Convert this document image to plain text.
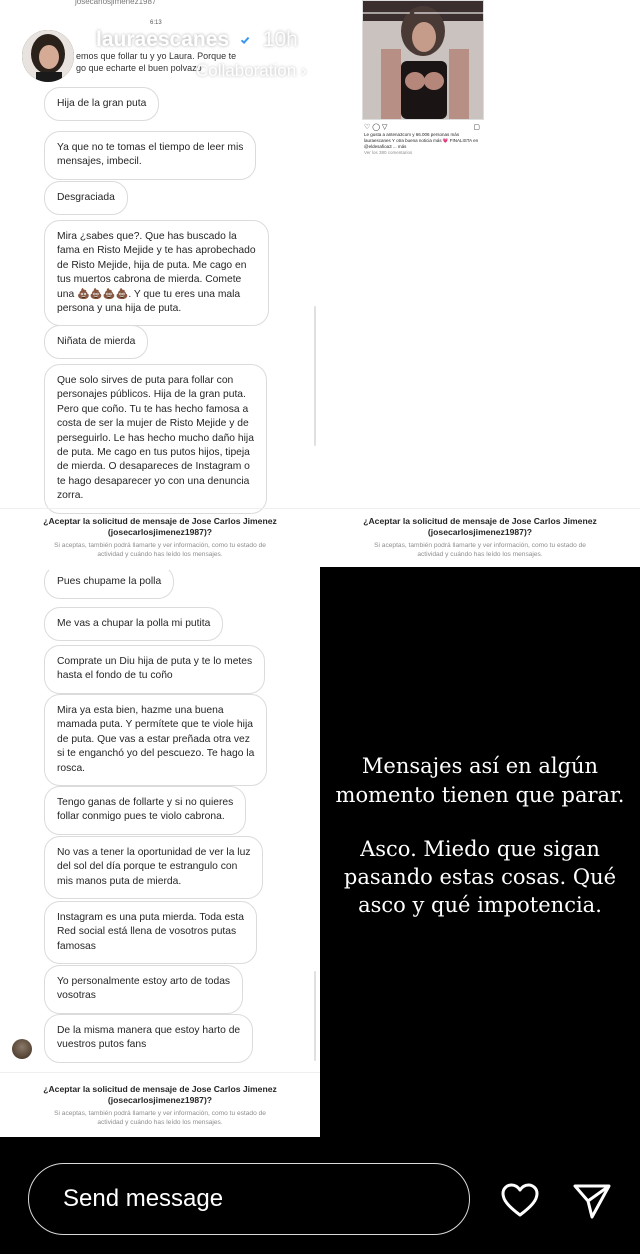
6:13
josecarlosjimenez1987
emos que follar tu y yo Laura. Porque te
go que echarte el buen polvazo
Hija de la gran puta
Ya que no te tomas el tiempo de leer mis
mensajes, imbecil.
Desgraciada
Mira ¿sabes que?. Que has buscado la
fama en Risto Mejide y te has aprobechado
de Risto Mejide, hija de puta. Me cago en
tus muertos cabrona de mierda. Comete
una 💩💩💩💩. Y que tu eres una mala
persona y una hija de puta.
Niñata de mierda
Que solo sirves de puta para follar con
personajes públicos. Hija de la gran puta.
Pero que coño. Tu te has hecho famosa a
costa de ser la mujer de Risto Mejide y de
perseguirlo. Le has hecho mucho daño hija
de puta. Me cago en tus putos hijos, tipeja
de mierda. O desapareces de Instagram o
te hago desaparecer yo con una denuncia
zorra.
¿Aceptar la solicitud de mensaje de Jose Carlos Jimenez
(josecarlosjimenez1987)?
Si aceptas, también podrá llamarte y ver información, como tu estado de
actividad y cuándo has leído los mensajes.
♡ ◯ ▽	▢
Le gusta a antena3com y 66.006 personas más
lauraescanes Y otra buena noticia más 💗 FINALISTA en @eldesafioa3 ... más
Ver los 380 comentarios
¿Aceptar la solicitud de mensaje de Jose Carlos Jimenez
(josecarlosjimenez1987)?
Si aceptas, también podrá llamarte y ver información, como tu estado de
actividad y cuándo has leído los mensajes.
Pues chupame la polla
Me vas a chupar la polla mi putita
Comprate un Diu hija de puta y te lo metes
hasta el fondo de tu coño
Mira ya esta bien, hazme una buena
mamada puta. Y permítete que te viole hija
de puta. Que vas a estar preñada otra vez
si te enganchó yo del pescuezo. Te hago la
rosca.
Tengo ganas de follarte y si no quieres
follar conmigo pues te violo cabrona.
No vas a tener la oportunidad de ver la luz
del sol del día porque te estrangulo con
mis manos puta de mierda.
Instagram es una puta mierda. Toda esta
Red social está llena de vosotros putas
famosas
Yo personalmente estoy arto de todas
vosotras
De la misma manera que estoy harto de
vuestros putos fans
¿Aceptar la solicitud de mensaje de Jose Carlos Jimenez
(josecarlosjimenez1987)?
Si aceptas, también podrá llamarte y ver información, como tu estado de
actividad y cuándo has leído los mensajes.
Mensajes así en algún
momento tienen que parar.
Asco. Miedo que sigan
pasando estas cosas. Qué
asco y qué impotencia.
lauraescanes 10h
Collaboration ›
Send message
